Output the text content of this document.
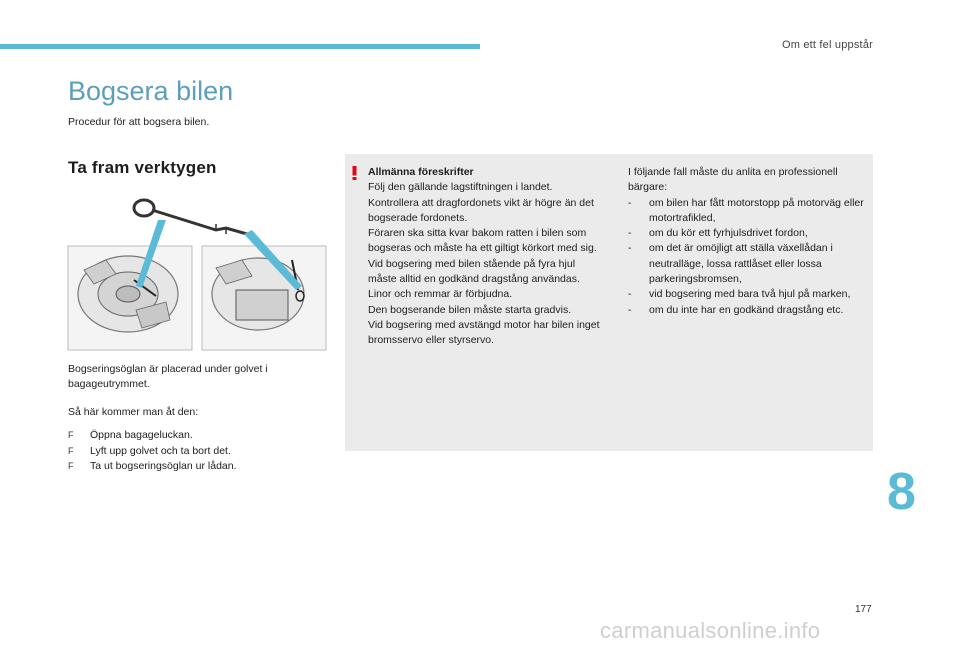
Om ett fel uppstår
Bogsera bilen
Procedur för att bogsera bilen.
Ta fram verktygen
Bogseringsöglan är placerad under golvet i bagageutrymmet.
Så här kommer man åt den:
F	Öppna bagageluckan.
F	Lyft upp golvet och ta bort det.
F	Ta ut bogseringsöglan ur lådan.
Allmänna föreskrifter
Följ den gällande lagstiftningen i landet.
Kontrollera att dragfordonets vikt är högre än det bogserade fordonets.
Föraren ska sitta kvar bakom ratten i bilen som bogseras och måste ha ett giltigt körkort med sig.
Vid bogsering med bilen stående på fyra hjul måste alltid en godkänd dragstång användas. Linor och remmar är förbjudna.
Den bogserande bilen måste starta gradvis.
Vid bogsering med avstängd motor har bilen inget bromsservo eller styrservo.
I följande fall måste du anlita en professionell bärgare:
-	om bilen har fått motorstopp på motorväg eller motortrafikled,
-	om du kör ett fyrhjulsdrivet fordon,
-	om det är omöjligt att ställa växellådan i neutralläge, lossa rattlåset eller lossa parkeringsbromsen,
-	vid bogsering med bara två hjul på marken,
-	om du inte har en godkänd dragstång etc.
8
177
carmanualsonline.info
